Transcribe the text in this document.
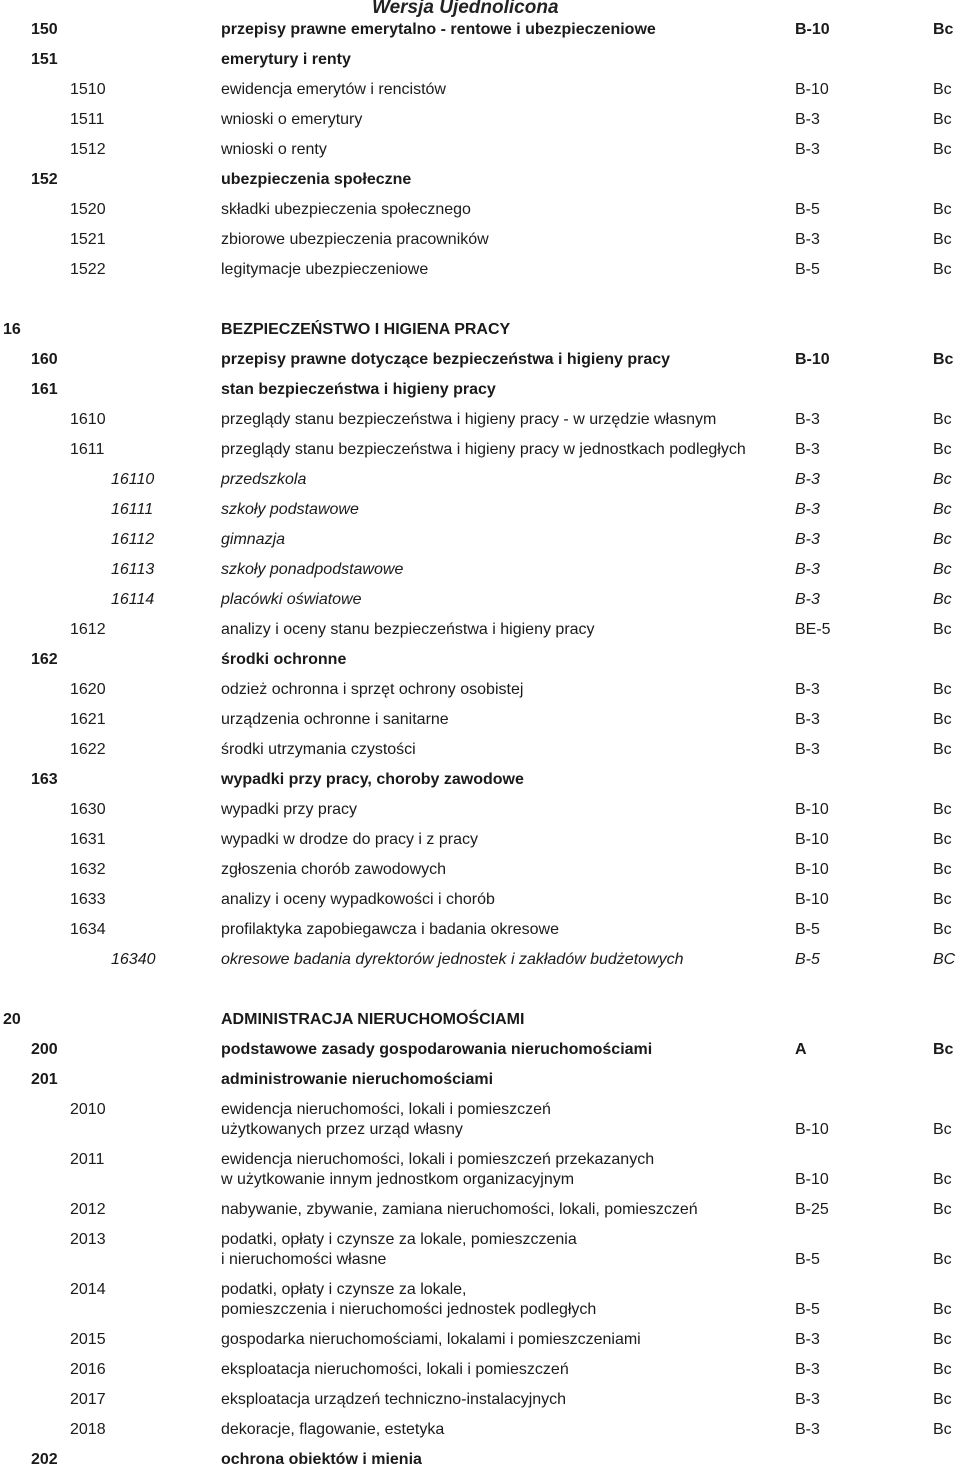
Wersja Ujednolicona
150	przepisy prawne emerytalno - rentowe i ubezpieczeniowe	B-10	Bc
151	emerytury i renty
1510	ewidencja emerytów i rencistów	B-10	Bc
1511	wnioski o emerytury	B-3	Bc
1512	wnioski o renty	B-3	Bc
152	ubezpieczenia społeczne
1520	składki ubezpieczenia społecznego	B-5	Bc
1521	zbiorowe ubezpieczenia pracowników	B-3	Bc
1522	legitymacje ubezpieczeniowe	B-5	Bc
16	BEZPIECZEŃSTWO I HIGIENA PRACY
160	przepisy prawne dotyczące bezpieczeństwa i higieny pracy	B-10	Bc
161	stan bezpieczeństwa i higieny pracy
1610	przeglądy stanu bezpieczeństwa i higieny pracy - w urzędzie własnym	B-3	Bc
1611	przeglądy stanu bezpieczeństwa i higieny pracy w jednostkach podległych	B-3	Bc
16110	przedszkola	B-3	Bc
16111	szkoły podstawowe	B-3	Bc
16112	gimnazja	B-3	Bc
16113	szkoły ponadpodstawowe	B-3	Bc
16114	placówki oświatowe	B-3	Bc
1612	analizy i oceny stanu bezpieczeństwa i higieny pracy	BE-5	Bc
162	środki ochronne
1620	odzież ochronna i sprzęt ochrony osobistej	B-3	Bc
1621	urządzenia ochronne i sanitarne	B-3	Bc
1622	środki utrzymania czystości	B-3	Bc
163	wypadki przy pracy, choroby zawodowe
1630	wypadki przy pracy	B-10	Bc
1631	wypadki w drodze do pracy i z pracy	B-10	Bc
1632	zgłoszenia chorób zawodowych	B-10	Bc
1633	analizy i oceny wypadkowości i chorób	B-10	Bc
1634	profilaktyka zapobiegawcza i badania okresowe	B-5	Bc
16340	okresowe badania dyrektorów jednostek i zakładów budżetowych	B-5	BC
20	ADMINISTRACJA NIERUCHOMOŚCIAMI
200	podstawowe zasady gospodarowania nieruchomościami	A	Bc
201	administrowanie nieruchomościami
2010	ewidencja nieruchomości, lokali i pomieszczeń
użytkowanych przez urząd własny	B-10	Bc
2011	ewidencja nieruchomości, lokali i pomieszczeń przekazanych
w użytkowanie innym jednostkom organizacyjnym	B-10	Bc
2012	nabywanie, zbywanie, zamiana nieruchomości, lokali, pomieszczeń	B-25	Bc
2013	podatki, opłaty i czynsze za lokale, pomieszczenia
i nieruchomości własne	B-5	Bc
2014	podatki, opłaty i czynsze za lokale,
pomieszczenia i nieruchomości jednostek podległych	B-5	Bc
2015	gospodarka nieruchomościami, lokalami i pomieszczeniami	B-3	Bc
2016	eksploatacja nieruchomości, lokali i pomieszczeń	B-3	Bc
2017	eksploatacja urządzeń techniczno-instalacyjnych	B-3	Bc
2018	dekoracje, flagowanie, estetyka	B-3	Bc
202	ochrona obiektów i mienia
